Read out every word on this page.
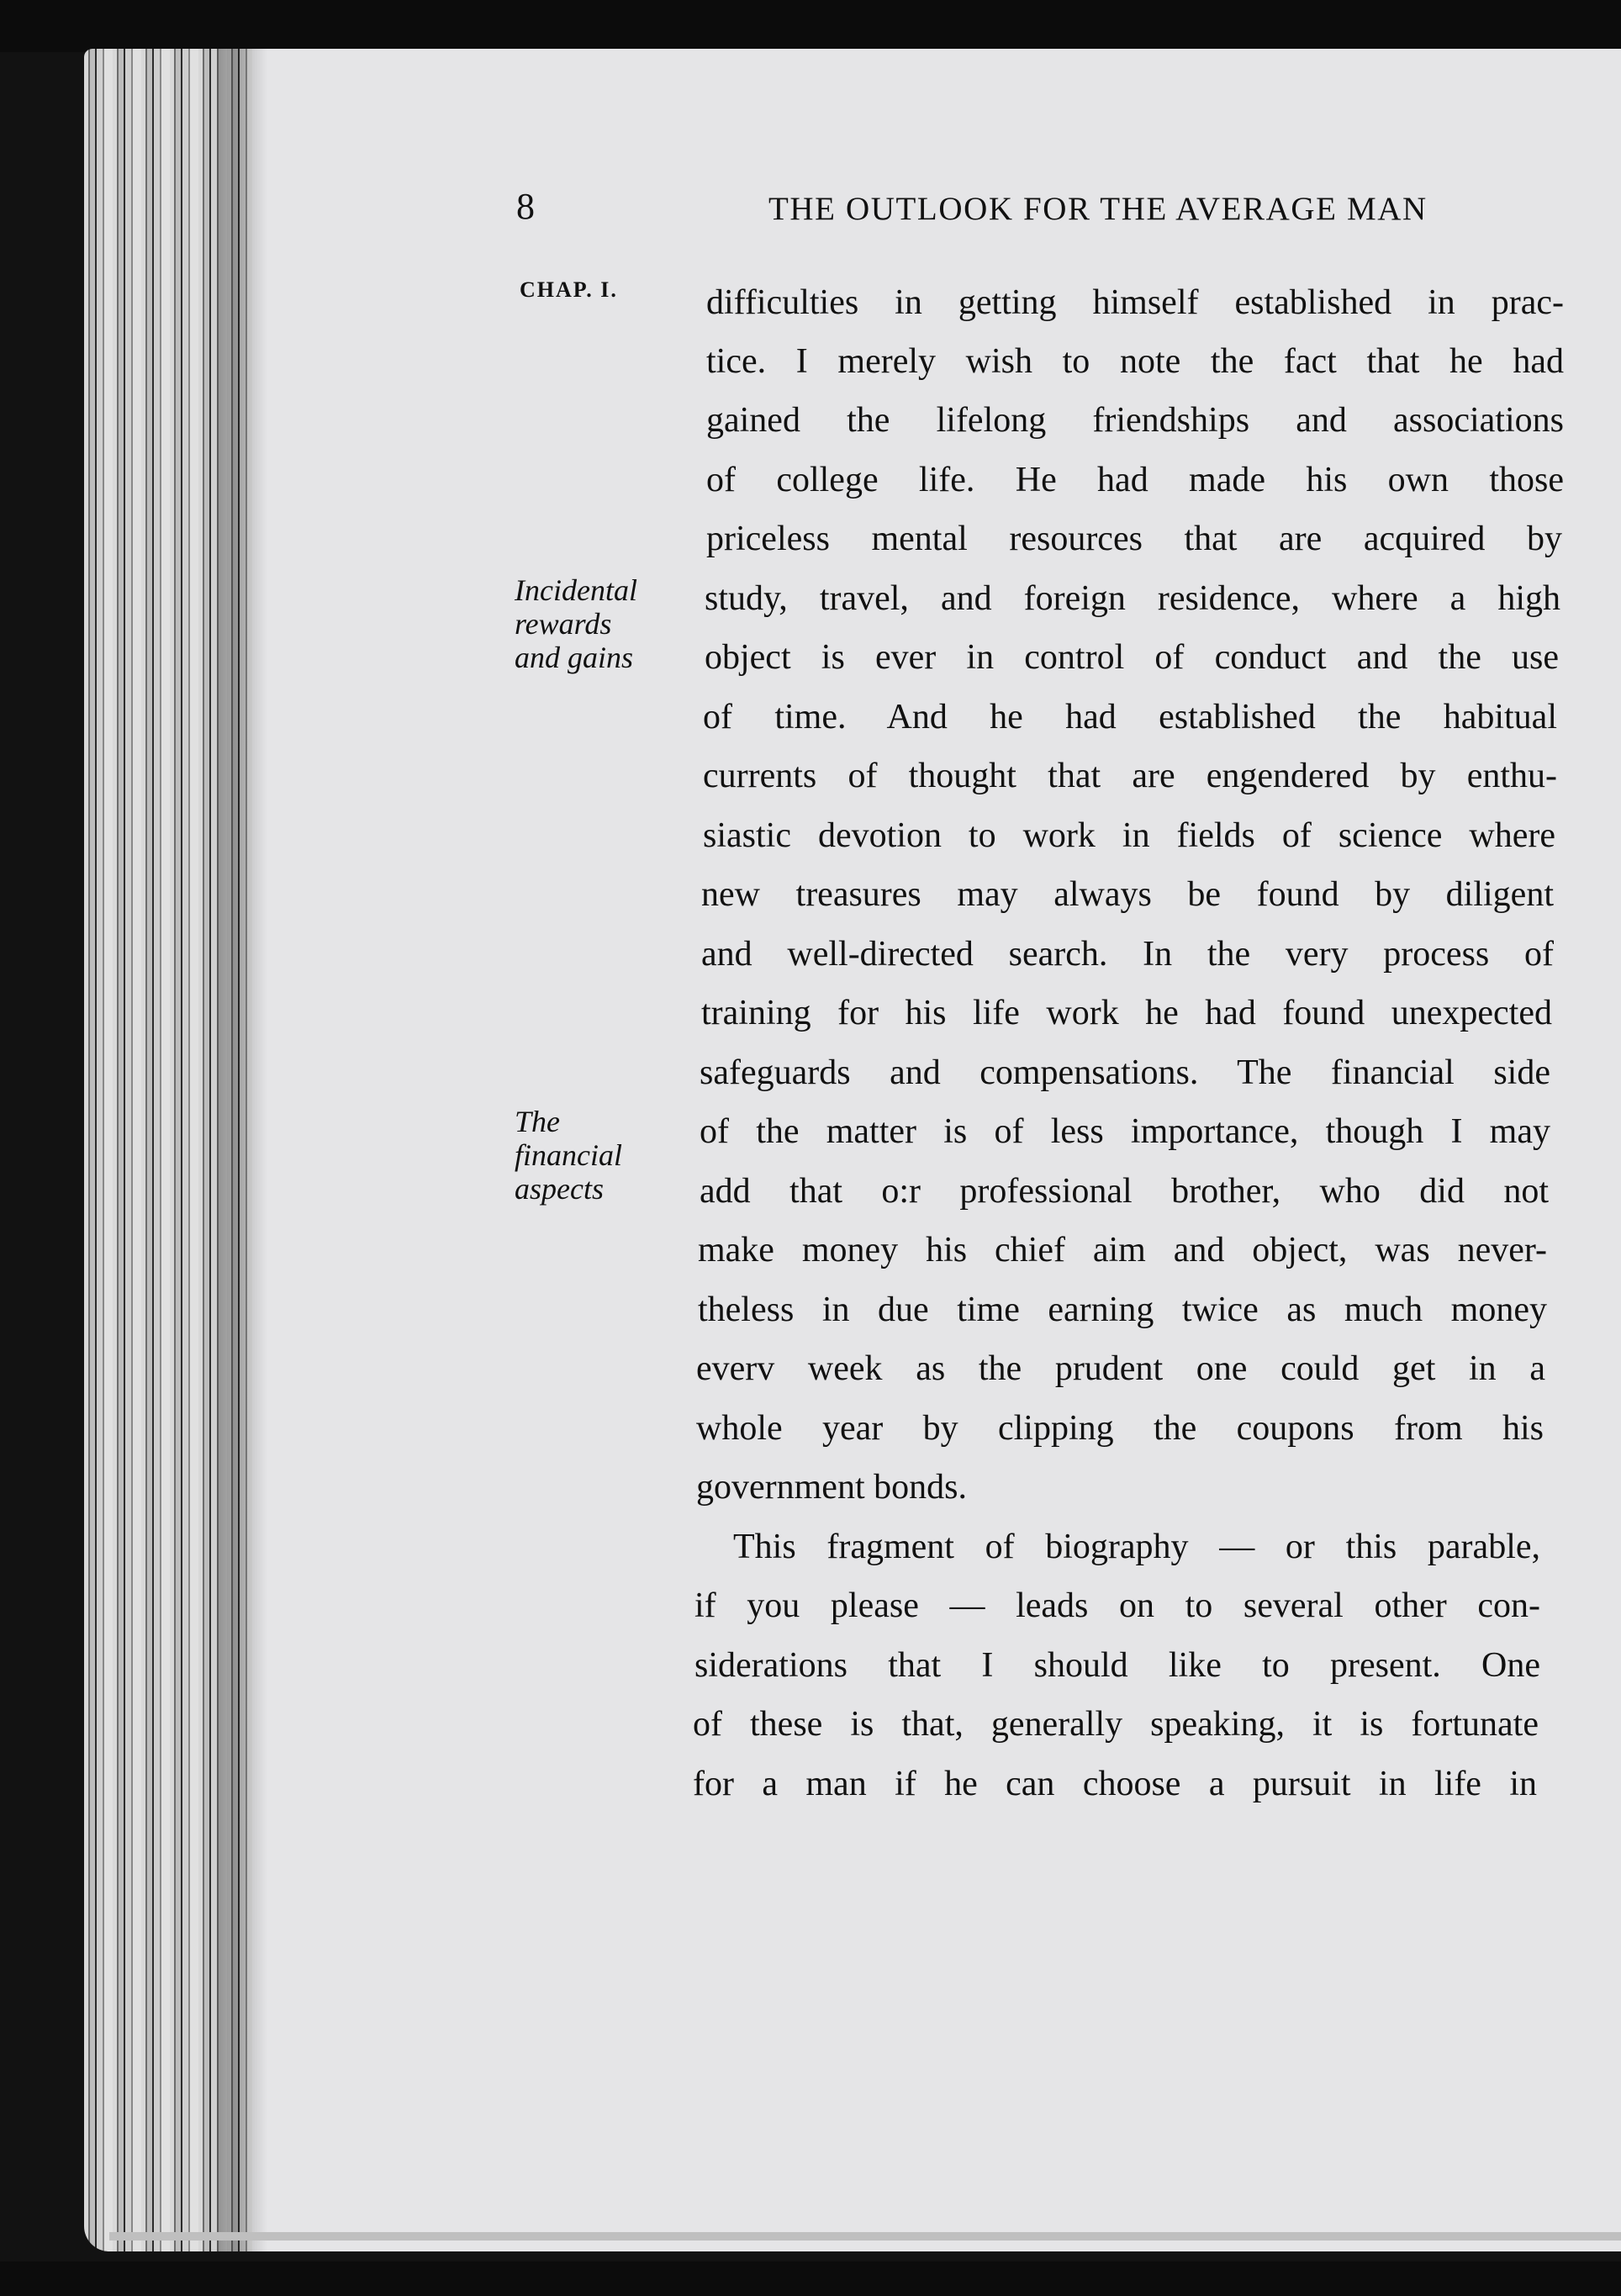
8	THE OUTLOOK FOR THE AVERAGE MAN
CHAP. I.
Incidental
rewards
and gains
The
financial
aspects
difficulties in getting himself established in prac-
tice. I merely wish to note the fact that he had
gained the lifelong friendships and associations
of college life. He had made his own those
priceless mental resources that are acquired by
study, travel, and foreign residence, where a high
object is ever in control of conduct and the use
of time. And he had established the habitual
currents of thought that are engendered by enthu-
siastic devotion to work in fields of science where
new treasures may always be found by diligent
and well-directed search. In the very process of
training for his life work he had found unexpected
safeguards and compensations. The financial side
of the matter is of less importance, though I may
add that o:r professional brother, who did not
make money his chief aim and object, was never-
theless in due time earning twice as much money
everv week as the prudent one could get in a
whole year by clipping the coupons from his
government bonds.
This fragment of biography — or this parable,
if you please — leads on to several other con-
siderations that I should like to present. One
of these is that, generally speaking, it is fortunate
for a man if he can choose a pursuit in life in
